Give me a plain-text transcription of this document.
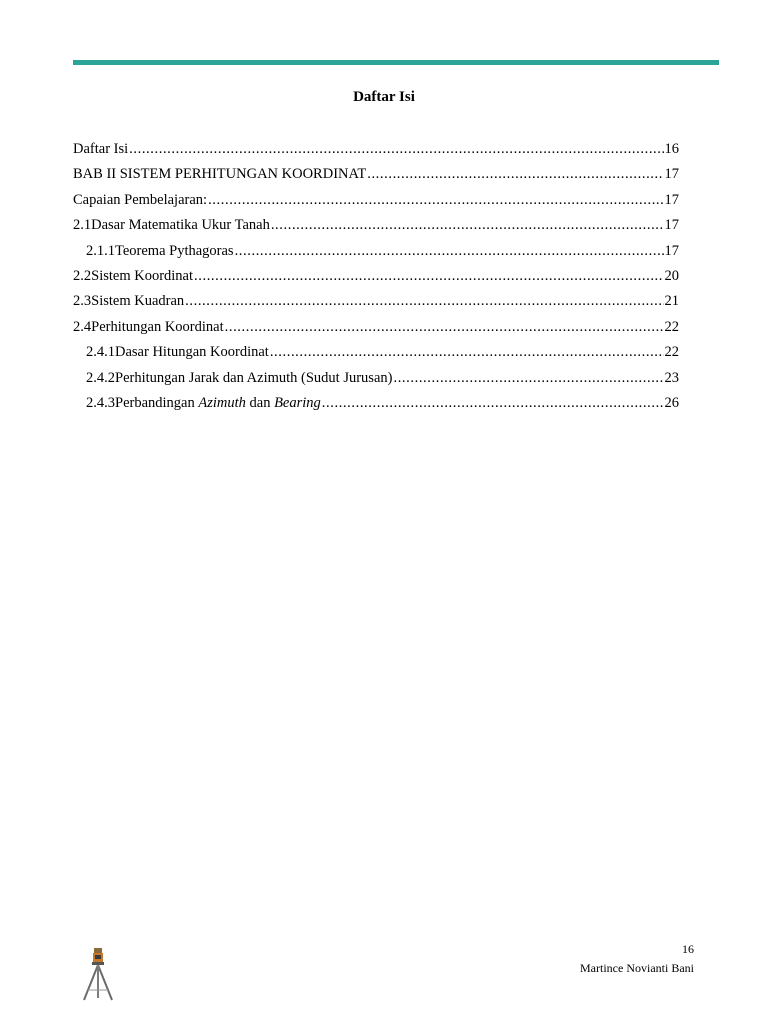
Daftar Isi
Daftar Isi .....	16
BAB II SISTEM PERHITUNGAN KOORDINAT .....	17
Capaian Pembelajaran: .....	17
2.1 Dasar Matematika Ukur Tanah .....	17
2.1.1 Teorema Pythagoras .....	17
2.2 Sistem Koordinat .....	20
2.3 Sistem Kuadran .....	21
2.4 Perhitungan Koordinat .....	22
2.4.1 Dasar Hitungan Koordinat .....	22
2.4.2 Perhitungan Jarak dan Azimuth (Sudut Jurusan) .....	23
2.4.3 Perbandingan Azimuth dan Bearing .....	26
16
Martince Novianti Bani
